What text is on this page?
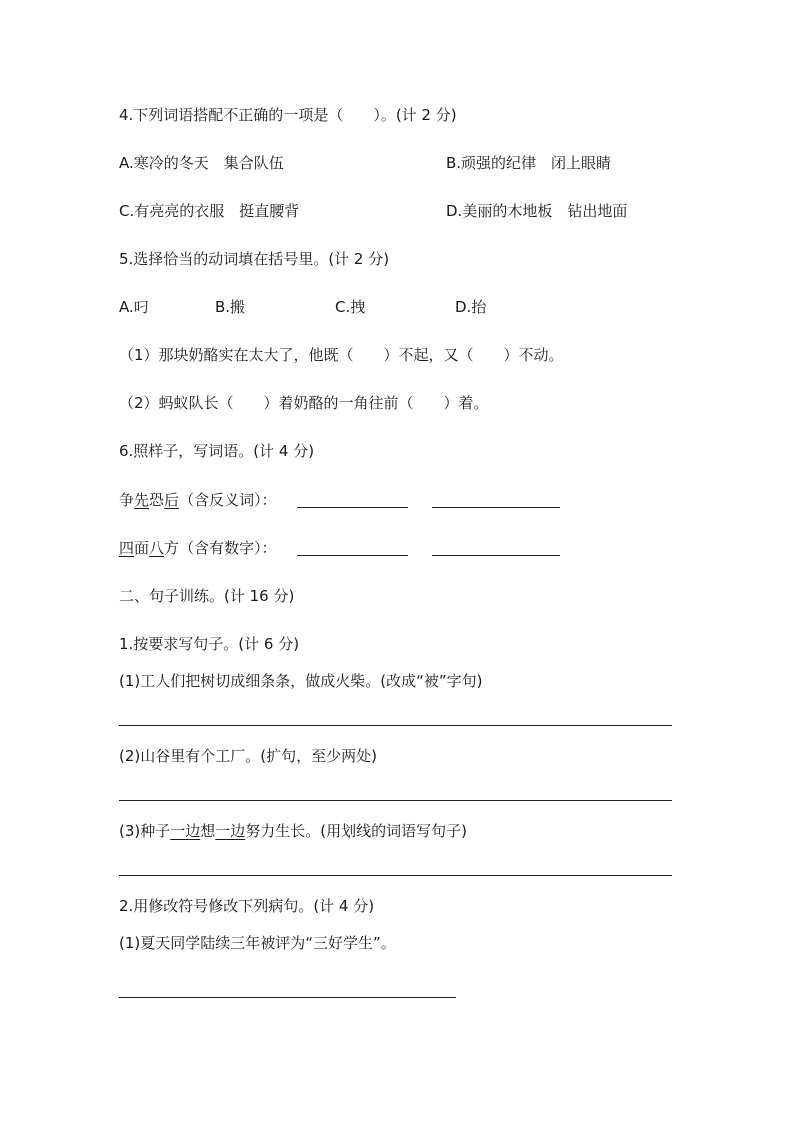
4.下列词语搭配不正确的一项是（　　）。(计 2 分)
A.寒冷的冬天　集合队伍	B.顽强的纪律　闭上眼睛
C.有亮亮的衣服　挺直腰背	D.美丽的木地板　钻出地面
5.选择恰当的动词填在括号里。(计 2 分)
A.叼	B.搬	C.拽	D.抬
（1）那块奶酪实在太大了，他既（　　）不起，又（　　）不动。
（2）蚂蚁队长（　　）着奶酪的一角往前（　　）着。
6.照样子，写词语。(计 4 分)
争先恐后（含反义词）：
四面八方（含有数字）：
二、句子训练。(计 16 分)
1.按要求写句子。(计 6 分)
(1)工人们把树切成细条条，做成火柴。(改成“被”字句)
(2)山谷里有个工厂。(扩句，至少两处)
(3)种子一边想一边努力生长。(用划线的词语写句子)
2.用修改符号修改下列病句。(计 4 分)
(1)夏天同学陆续三年被评为“三好学生”。
